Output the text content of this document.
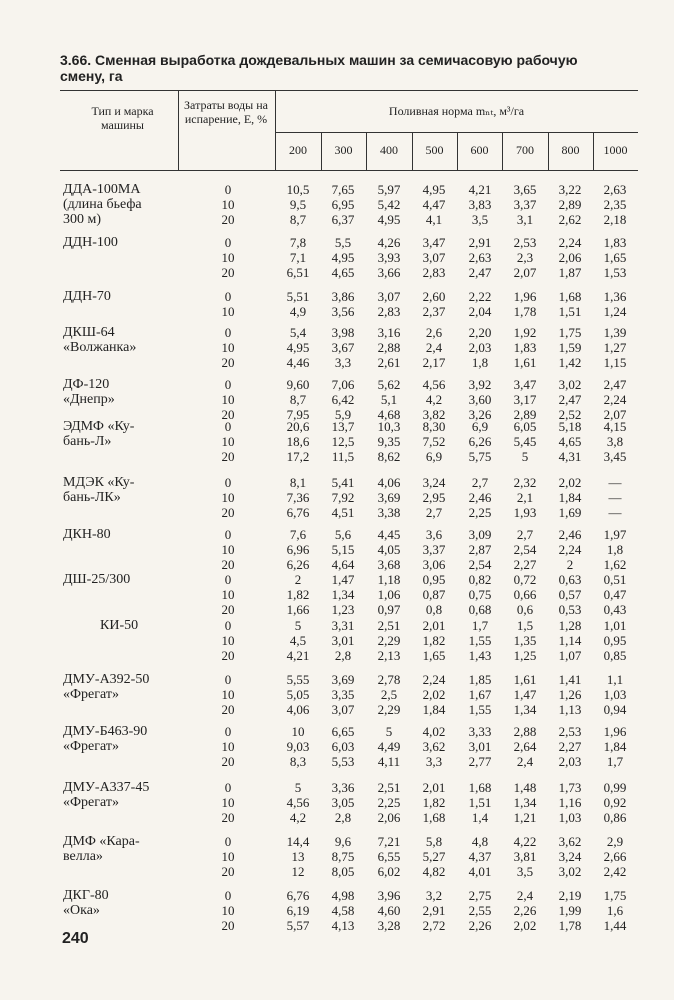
3.66. Сменная выработка дождевальных машин за семичасовую рабочую смену, га
Тип и марка машины
Затраты воды на испарение, E, %
Поливная норма mₙₜ, м³/га
200	300	400	500	600	700	800	1000
ДДА-100МА
(длина бьефа
300 м)
0	10,5	7,65	5,97	4,95	4,21	3,65	3,22	2,63
10	9,5	6,95	5,42	4,47	3,83	3,37	2,89	2,35
20	8,7	6,37	4,95	4,1	3,5	3,1	2,62	2,18
ДДН-100	0	7,8	5,5	4,26	3,47	2,91	2,53	2,24	1,83
10	7,1	4,95	3,93	3,07	2,63	2,3	2,06	1,65
20	6,51	4,65	3,66	2,83	2,47	2,07	1,87	1,53
ДДН-70	0	5,51	3,86	3,07	2,60	2,22	1,96	1,68	1,36
10	4,9	3,56	2,83	2,37	2,04	1,78	1,51	1,24
ДКШ-64
«Волжанка»
0	5,4	3,98	3,16	2,6	2,20	1,92	1,75	1,39
10	4,95	3,67	2,88	2,4	2,03	1,83	1,59	1,27
20	4,46	3,3	2,61	2,17	1,8	1,61	1,42	1,15
ДФ-120
«Днепр»
0	9,60	7,06	5,62	4,56	3,92	3,47	3,02	2,47
10	8,7	6,42	5,1	4,2	3,60	3,17	2,47	2,24
20	7,95	5,9	4,68	3,82	3,26	2,89	2,52	2,07
ЭДМФ «Ку-
бань-Л»
0	20,6	13,7	10,3	8,30	6,9	6,05	5,18	4,15
10	18,6	12,5	9,35	7,52	6,26	5,45	4,65	3,8
20	17,2	11,5	8,62	6,9	5,75	5	4,31	3,45
МДЭК «Ку-
бань-ЛК»
0	8,1	5,41	4,06	3,24	2,7	2,32	2,02	—
10	7,36	7,92	3,69	2,95	2,46	2,1	1,84	—
20	6,76	4,51	3,38	2,7	2,25	1,93	1,69	—
ДКН-80	0	7,6	5,6	4,45	3,6	3,09	2,7	2,46	1,97
10	6,96	5,15	4,05	3,37	2,87	2,54	2,24	1,8
20	6,26	4,64	3,68	3,06	2,54	2,27	2	1,62
ДШ-25/300	0	2	1,47	1,18	0,95	0,82	0,72	0,63	0,51
10	1,82	1,34	1,06	0,87	0,75	0,66	0,57	0,47
20	1,66	1,23	0,97	0,8	0,68	0,6	0,53	0,43
КИ-50	0	5	3,31	2,51	2,01	1,7	1,5	1,28	1,01
10	4,5	3,01	2,29	1,82	1,55	1,35	1,14	0,95
20	4,21	2,8	2,13	1,65	1,43	1,25	1,07	0,85
ДМУ-А392-50
«Фрегат»
0	5,55	3,69	2,78	2,24	1,85	1,61	1,41	1,1
10	5,05	3,35	2,5	2,02	1,67	1,47	1,26	1,03
20	4,06	3,07	2,29	1,84	1,55	1,34	1,13	0,94
ДМУ-Б463-90
«Фрегат»
0	10	6,65	5	4,02	3,33	2,88	2,53	1,96
10	9,03	6,03	4,49	3,62	3,01	2,64	2,27	1,84
20	8,3	5,53	4,11	3,3	2,77	2,4	2,03	1,7
ДМУ-А337-45
«Фрегат»
0	5	3,36	2,51	2,01	1,68	1,48	1,73	0,99
10	4,56	3,05	2,25	1,82	1,51	1,34	1,16	0,92
20	4,2	2,8	2,06	1,68	1,4	1,21	1,03	0,86
ДМФ «Кара-
велла»
0	14,4	9,6	7,21	5,8	4,8	4,22	3,62	2,9
10	13	8,75	6,55	5,27	4,37	3,81	3,24	2,66
20	12	8,05	6,02	4,82	4,01	3,5	3,02	2,42
ДКГ-80
«Ока»
0	6,76	4,98	3,96	3,2	2,75	2,4	2,19	1,75
10	6,19	4,58	4,60	2,91	2,55	2,26	1,99	1,6
20	5,57	4,13	3,28	2,72	2,26	2,02	1,78	1,44
240
